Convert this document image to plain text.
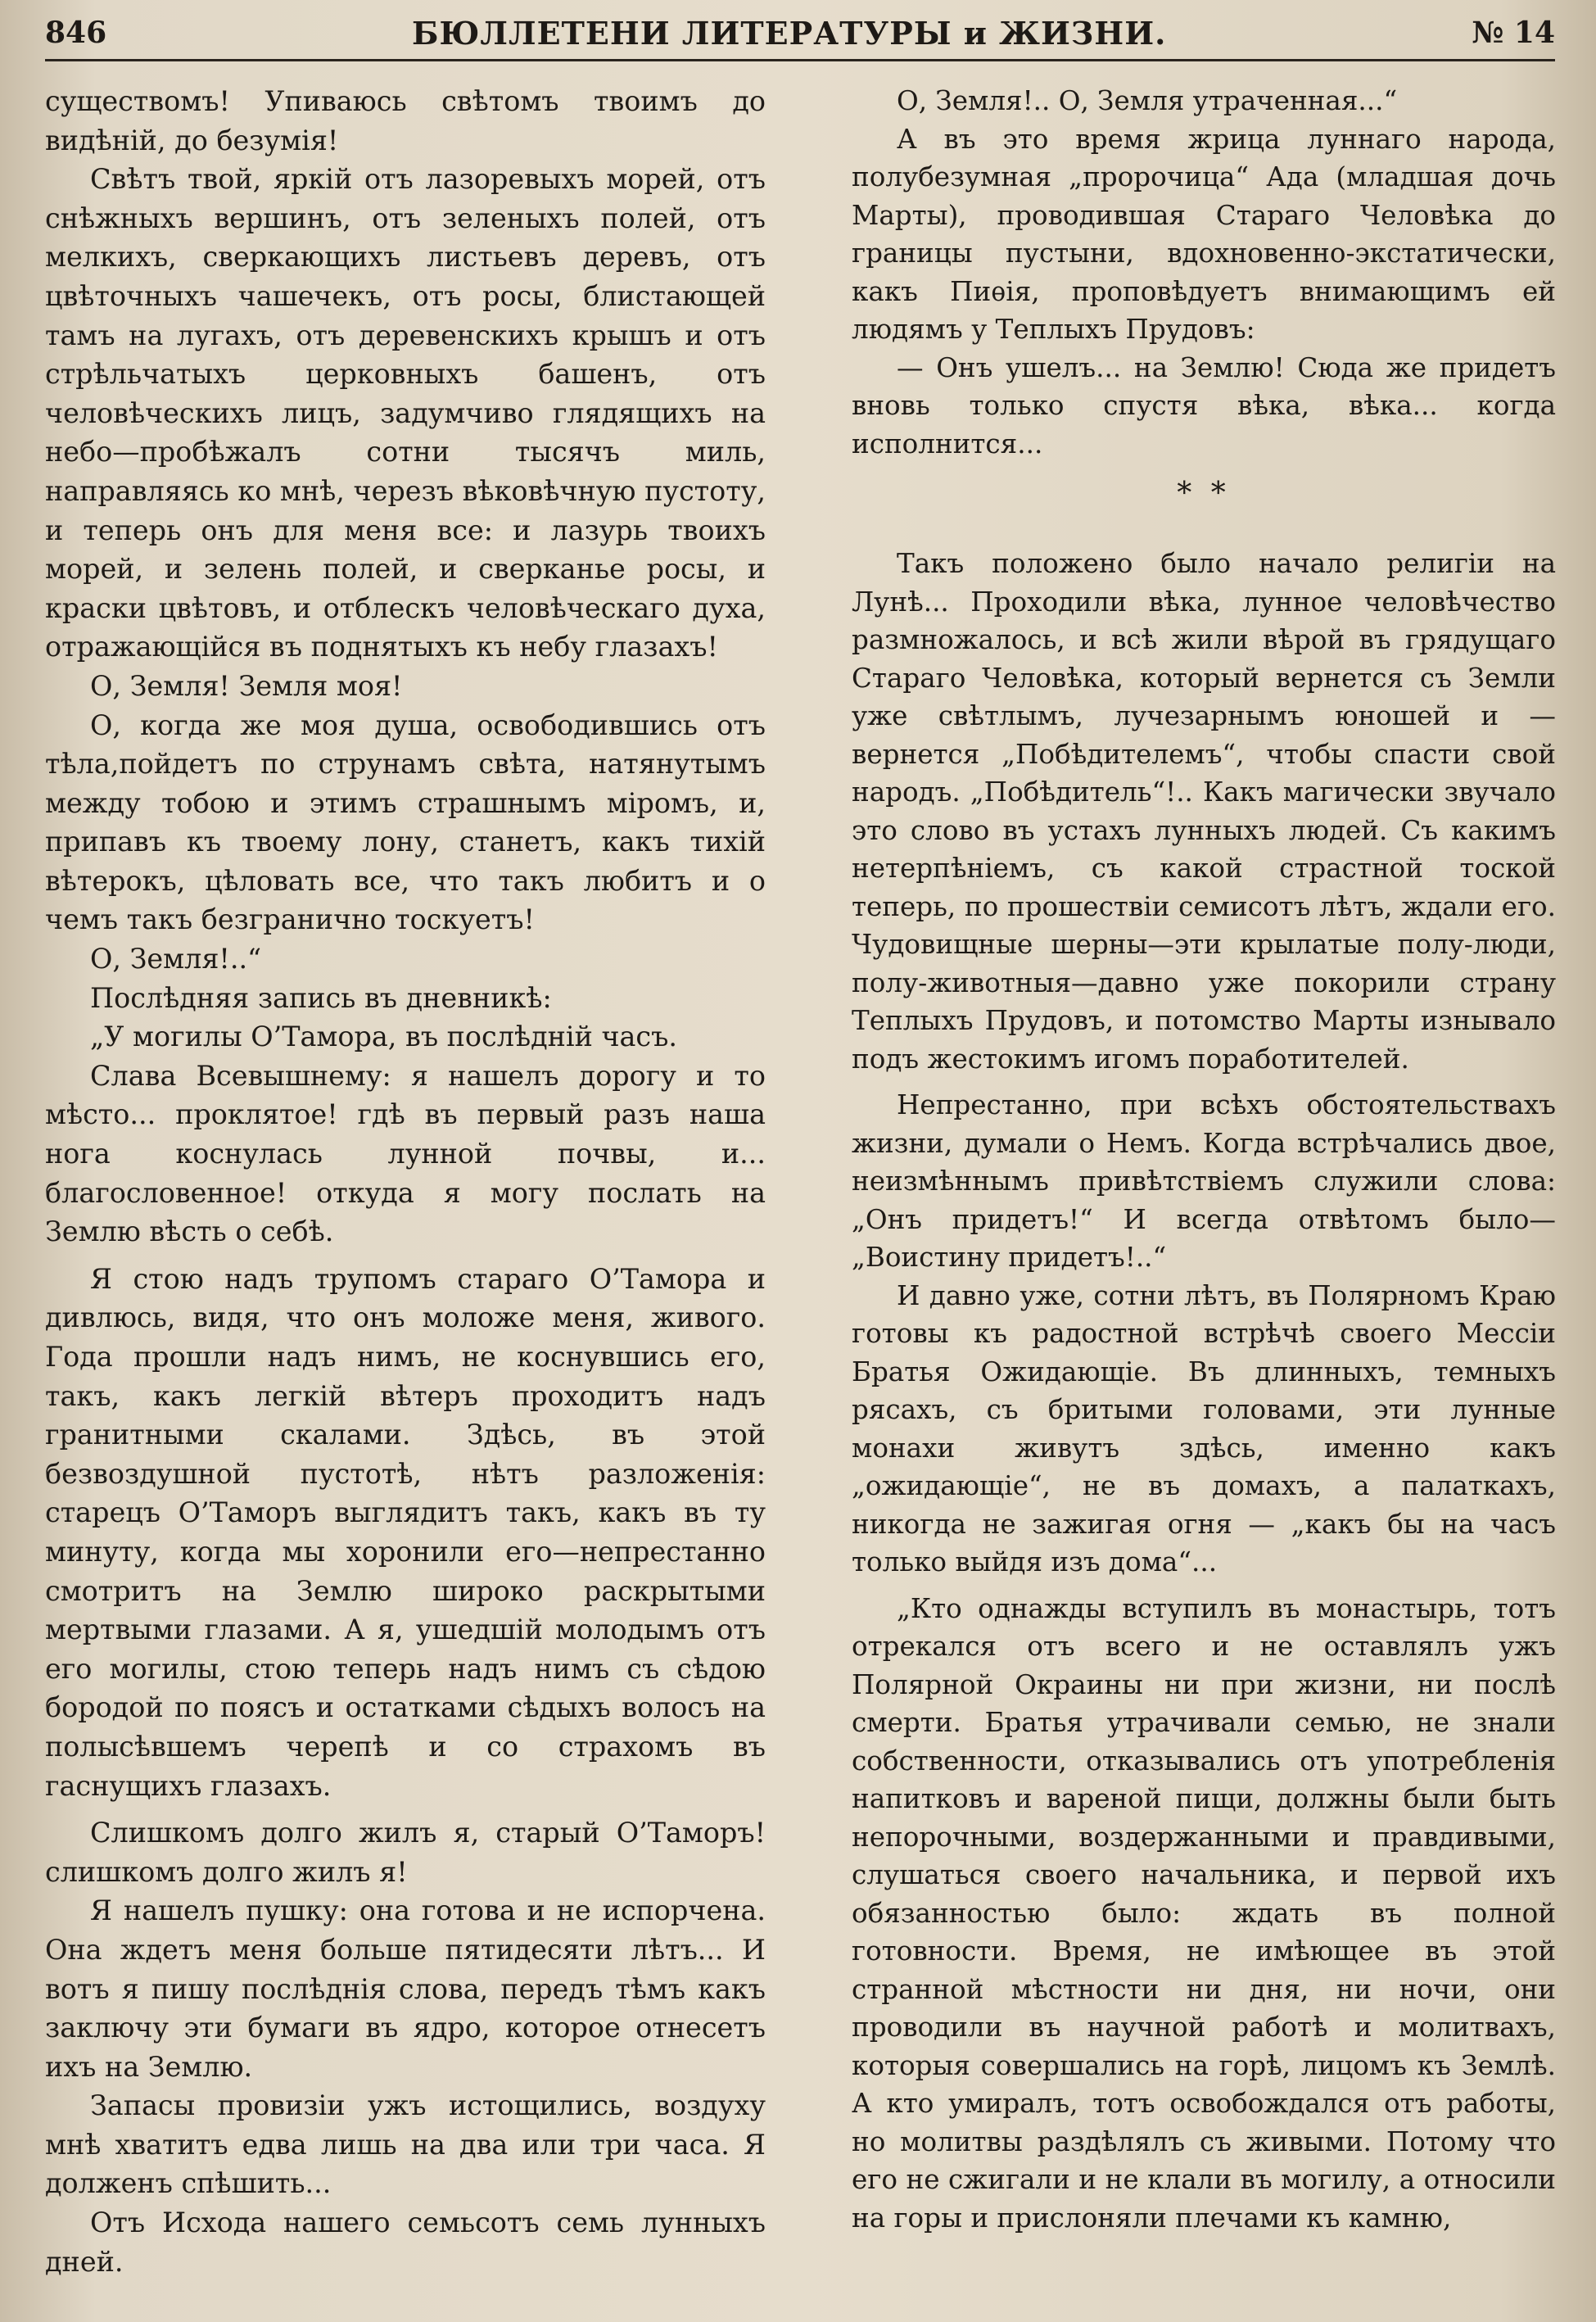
846	БЮЛЛЕТЕНИ ЛИТЕРАТУРЫ и ЖИЗНИ.	№ 14

существомъ! Упиваюсь свѣтомъ твоимъ до видѣній, до безумія!

Свѣтъ твой, яркій отъ лазоревыхъ морей, отъ снѣжныхъ вершинъ, отъ зеленыхъ полей, отъ мелкихъ, сверкающихъ листьевъ деревъ, отъ цвѣточныхъ чашечекъ, отъ росы, блистающей тамъ на лугахъ, отъ деревенскихъ крышъ и отъ стрѣльчатыхъ церковныхъ башенъ, отъ человѣческихъ лицъ, задумчиво глядящихъ на небо—пробѣжалъ сотни тысячъ миль, направляясь ко мнѣ, черезъ вѣковѣчную пустоту, и теперь онъ для меня все: и лазурь твоихъ морей, и зелень полей, и сверканье росы, и краски цвѣтовъ, и отблескъ человѣческаго духа, отражающійся въ поднятыхъ къ небу глазахъ!

О, Земля! Земля моя!

О, когда же моя душа, освободившись отъ тѣла,пойдетъ по струнамъ свѣта, натянутымъ между тобою и этимъ страшнымъ міромъ, и, припавъ къ твоему лону, станетъ, какъ тихій вѣтерокъ, цѣловать все, что такъ любитъ и о чемъ такъ безгранично тоскуетъ!

О, Земля!..“

Послѣдняя запись въ дневникѣ:

„У могилы О’Тамора, въ послѣдній часъ.

Слава Всевышнему: я нашелъ дорогу и то мѣсто... проклятое! гдѣ въ первый разъ наша нога коснулась лунной почвы, и... благословенное! откуда я могу послать на Землю вѣсть о себѣ.

Я стою надъ трупомъ стараго О’Тамора и дивлюсь, видя, что онъ моложе меня, живого. Года прошли надъ нимъ, не коснувшись его, такъ, какъ легкій вѣтеръ проходитъ надъ гранитными скалами. Здѣсь, въ этой безвоздушной пустотѣ, нѣтъ разложенія: старецъ О’Таморъ выглядитъ такъ, какъ въ ту минуту, когда мы хоронили его—непрестанно смотритъ на Землю широко раскрытыми мертвыми глазами. А я, ушедшій молодымъ отъ его могилы, стою теперь надъ нимъ съ сѣдою бородой по поясъ и остатками сѣдыхъ волосъ на полысѣвшемъ черепѣ и со страхомъ въ гаснущихъ глазахъ.

Слишкомъ долго жилъ я, старый О’Таморъ! слишкомъ долго жилъ я!

Я нашелъ пушку: она готова и не испорчена. Она ждетъ меня больше пятидесяти лѣтъ... И вотъ я пишу послѣднія слова, передъ тѣмъ какъ заключу эти бумаги въ ядро, которое отнесетъ ихъ на Землю.

Запасы провизіи ужъ истощились, воздуху мнѣ хватитъ едва лишь на два или три часа. Я долженъ спѣшить...

Отъ Исхода нашего семьсотъ семь лунныхъ дней.

О, Земля!.. О, Земля утраченная...“

А въ это время жрица луннаго народа, полубезумная „пророчица“ Ада (младшая дочь Марты), проводившая Стараго Человѣка до границы пустыни, вдохновенно-экстатически, какъ Пиѳія, проповѣдуетъ внимающимъ ей людямъ у Теплыхъ Прудовъ:

— Онъ ушелъ... на Землю! Сюда же придетъ вновь только спустя вѣка, вѣка... когда исполнится...

* *

Такъ положено было начало религіи на Лунѣ... Проходили вѣка, лунное человѣчество размножалось, и всѣ жили вѣрой въ грядущаго Стараго Человѣка, который вернется съ Земли уже свѣтлымъ, лучезарнымъ юношей и — вернется „Побѣдителемъ“, чтобы спасти свой народъ. „Побѣдитель“!.. Какъ магически звучало это слово въ устахъ лунныхъ людей. Съ какимъ нетерпѣніемъ, съ какой страстной тоской теперь, по прошествіи семисотъ лѣтъ, ждали его. Чудовищные шерны—эти крылатые полу-люди, полу-животныя—давно уже покорили страну Теплыхъ Прудовъ, и потомство Марты изнывало подъ жестокимъ игомъ поработителей.

Непрестанно, при всѣхъ обстоятельствахъ жизни, думали о Немъ. Когда встрѣчались двое, неизмѣннымъ привѣтствіемъ служили слова: „Онъ придетъ!“ И всегда отвѣтомъ было—„Воистину придетъ!..“

И давно уже, сотни лѣтъ, въ Полярномъ Краю готовы къ радостной встрѣчѣ своего Мессіи Братья Ожидающіе. Въ длинныхъ, темныхъ рясахъ, съ бритыми головами, эти лунные монахи живутъ здѣсь, именно какъ „ожидающіе“, не въ домахъ, а палаткахъ, никогда не зажигая огня — „какъ бы на часъ только выйдя изъ дома“...

„Кто однажды вступилъ въ монастырь, тотъ отрекался отъ всего и не оставлялъ ужъ Полярной Окраины ни при жизни, ни послѣ смерти. Братья утрачивали семью, не знали собственности, отказывались отъ употребленія напитковъ и вареной пищи, должны были быть непорочными, воздержанными и правдивыми, слушаться своего начальника, и первой ихъ обязанностью было: ждать въ полной готовности. Время, не имѣющее въ этой странной мѣстности ни дня, ни ночи, они проводили въ научной работѣ и молитвахъ, которыя совершались на горѣ, лицомъ къ Землѣ. А кто умиралъ, тотъ освобождался отъ работы, но молитвы раздѣлялъ съ живыми. Потому что его не сжигали и не клали въ могилу, а относили на горы и прислоняли плечами къ камню,
